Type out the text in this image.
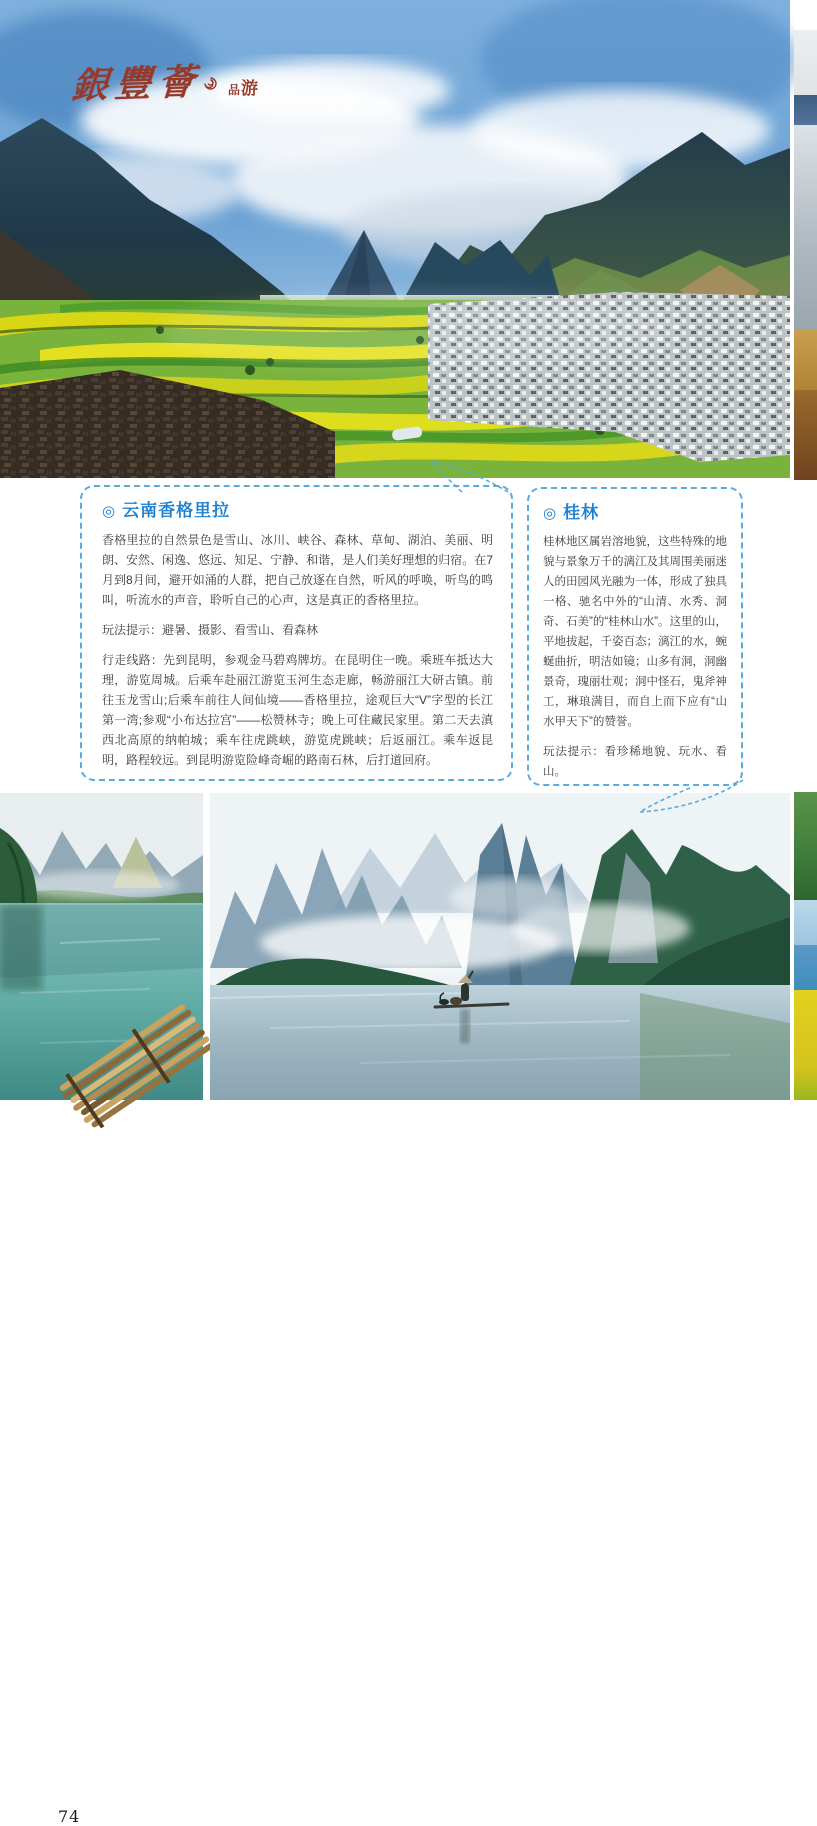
銀豐薈 品 游
◎ 云南香格里拉

香格里拉的自然景色是雪山、冰川、峡谷、森林、草甸、湖泊、美丽、明朗、安然、闲逸、悠远、知足、宁静、和谐，是人们美好理想的归宿。在7月到8月间，避开如涌的人群，把自己放逐在自然，听风的呼唤，听鸟的鸣叫，听流水的声音，聆听自己的心声，这是真正的香格里拉。

玩法提示：避暑、摄影、看雪山、看森林

行走线路：先到昆明，参观金马碧鸡牌坊。在昆明住一晚。乘班车抵达大理，游览周城。后乘车赴丽江游览玉河生态走廊，畅游丽江大研古镇。前往玉龙雪山;后乘车前往人间仙境——香格里拉，途观巨大“V”字型的长江第一湾;参观“小布达拉宫”——松赞林寺；晚上可住藏民家里。第二天去滇西北高原的纳帕城；乘车往虎跳峡，游览虎跳峡；后返丽江。乘车返昆明，路程较远。到昆明游览险峰奇崛的路南石林，后打道回府。

◎ 桂林

桂林地区属岩溶地貌，这些特殊的地貌与景象万千的漓江及其周围美丽迷人的田园风光融为一体，形成了独具一格、驰名中外的“山清、水秀、洞奇、石美”的“桂林山水”。这里的山，平地拔起，千姿百态；漓江的水，蜿蜒曲折，明洁如镜；山多有洞，洞幽景奇，瑰丽壮观；洞中怪石，鬼斧神工，琳琅满目，而自上而下应有“山水甲天下”的赞誉。

玩法提示：看珍稀地貌、玩水、看山。

74
